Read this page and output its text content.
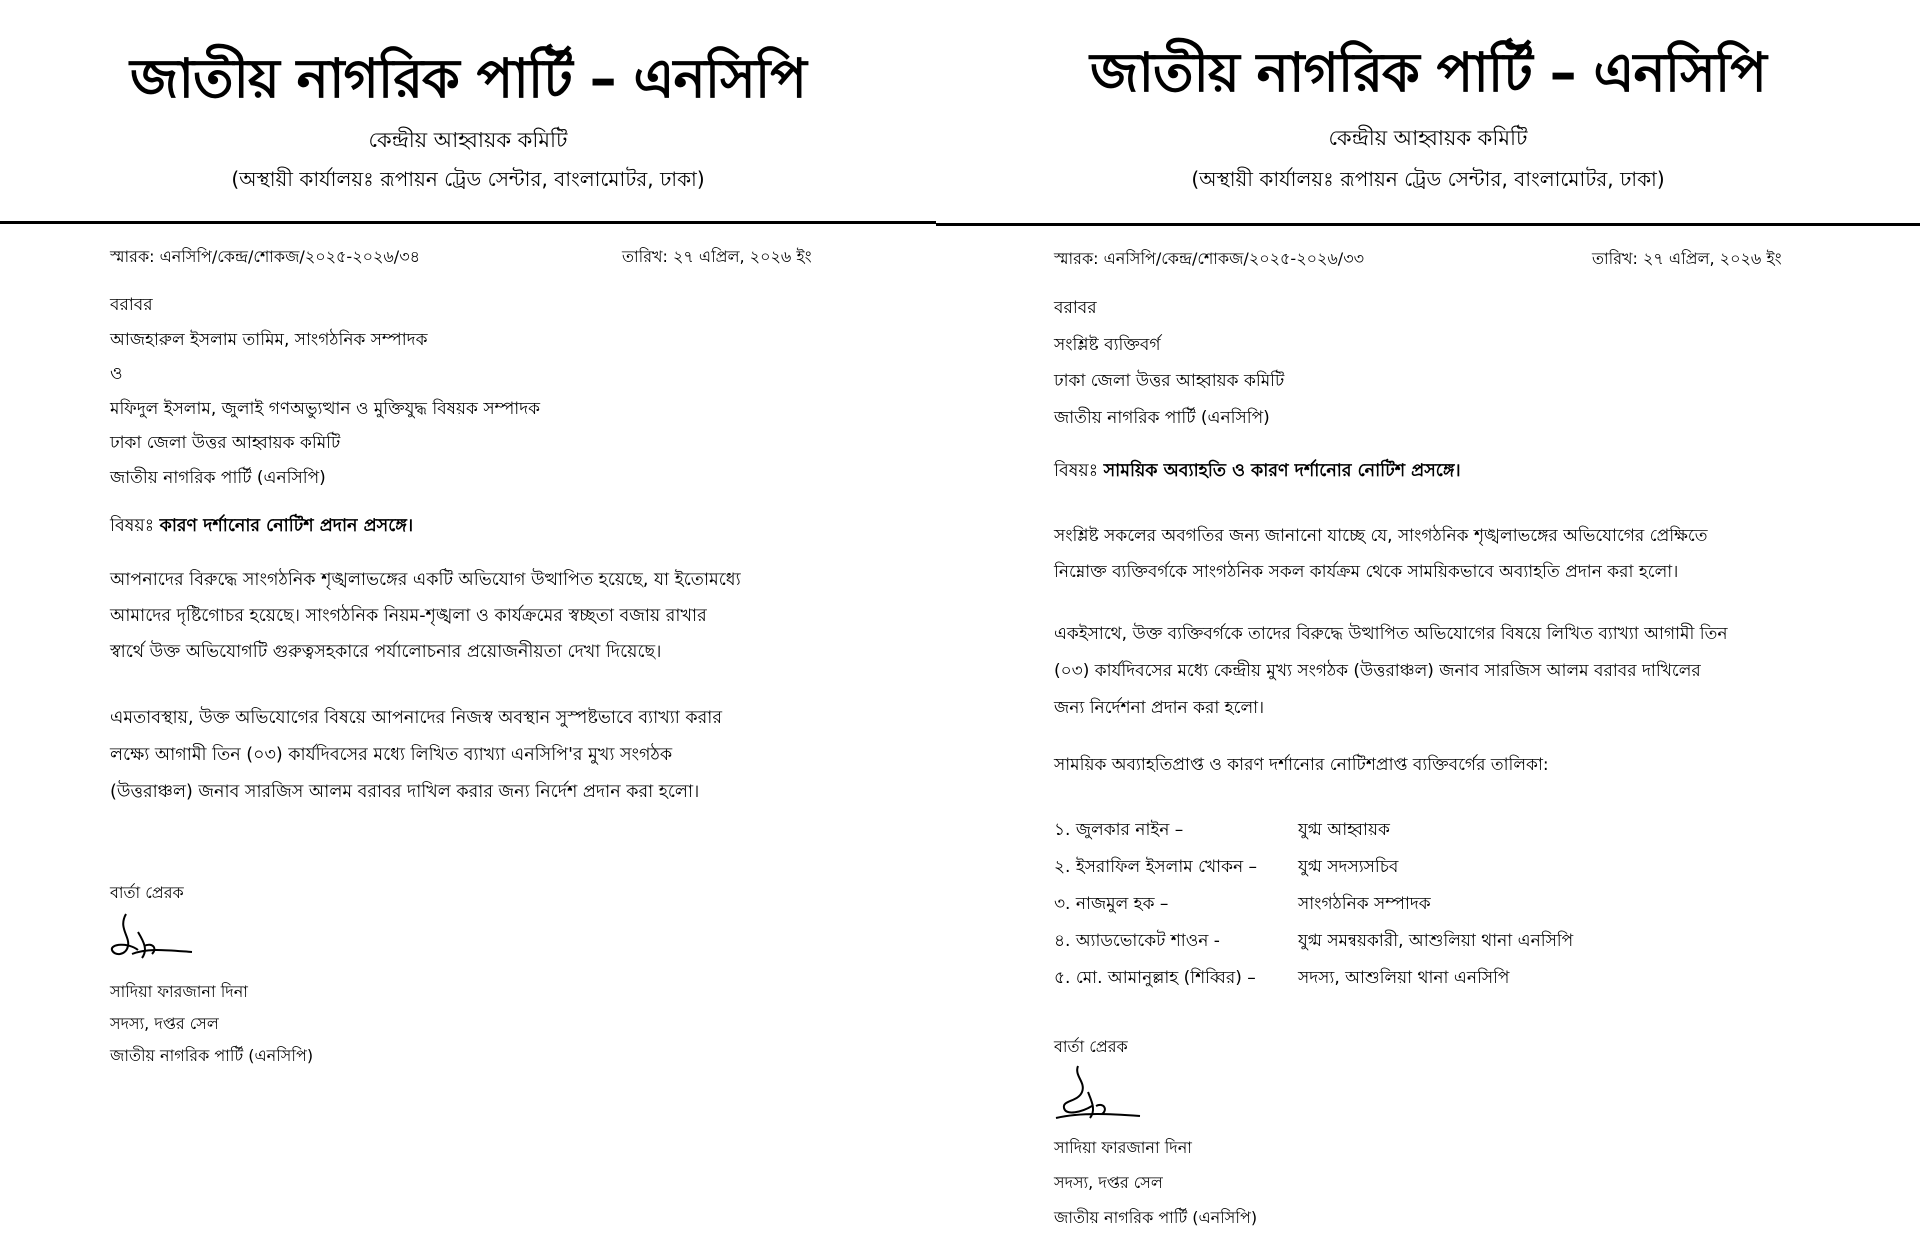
জাতীয় নাগরিক পার্টি – এনসিপি
কেন্দ্রীয় আহ্বায়ক কমিটি
(অস্থায়ী কার্যালয়ঃ রূপায়ন ট্রেড সেন্টার, বাংলামোটর, ঢাকা)
স্মারক: এনসিপি/কেন্দ্র/শোকজ/২০২৫-২০২৬/৩৪	তারিখ: ২৭ এপ্রিল, ২০২৬ ইং
বরাবর
আজহারুল ইসলাম তামিম, সাংগঠনিক সম্পাদক
ও
মফিদুল ইসলাম, জুলাই গণঅভ্যুত্থান ও মুক্তিযুদ্ধ বিষয়ক সম্পাদক
ঢাকা জেলা উত্তর আহ্বায়ক কমিটি
জাতীয় নাগরিক পার্টি (এনসিপি)
বিষয়ঃ কারণ দর্শানোর নোটিশ প্রদান প্রসঙ্গে।
আপনাদের বিরুদ্ধে সাংগঠনিক শৃঙ্খলাভঙ্গের একটি অভিযোগ উত্থাপিত হয়েছে, যা ইতোমধ্যে
আমাদের দৃষ্টিগোচর হয়েছে। সাংগঠনিক নিয়ম-শৃঙ্খলা ও কার্যক্রমের স্বচ্ছতা বজায় রাখার
স্বার্থে উক্ত অভিযোগটি গুরুত্বসহকারে পর্যালোচনার প্রয়োজনীয়তা দেখা দিয়েছে।
এমতাবস্থায়, উক্ত অভিযোগের বিষয়ে আপনাদের নিজস্ব অবস্থান সুস্পষ্টভাবে ব্যাখ্যা করার
লক্ষ্যে আগামী তিন (০৩) কার্যদিবসের মধ্যে লিখিত ব্যাখ্যা এনসিপি'র মুখ্য সংগঠক
(উত্তরাঞ্চল) জনাব সারজিস আলম বরাবর দাখিল করার জন্য নির্দেশ প্রদান করা হলো।
বার্তা প্রেরক
সাদিয়া ফারজানা দিনা
সদস্য, দপ্তর সেল
জাতীয় নাগরিক পার্টি (এনসিপি)
জাতীয় নাগরিক পার্টি – এনসিপি
কেন্দ্রীয় আহ্বায়ক কমিটি
(অস্থায়ী কার্যালয়ঃ রূপায়ন ট্রেড সেন্টার, বাংলামোটর, ঢাকা)
স্মারক: এনসিপি/কেন্দ্র/শোকজ/২০২৫-২০২৬/৩৩	তারিখ: ২৭ এপ্রিল, ২০২৬ ইং
বরাবর
সংশ্লিষ্ট ব্যক্তিবর্গ
ঢাকা জেলা উত্তর আহ্বায়ক কমিটি
জাতীয় নাগরিক পার্টি (এনসিপি)
বিষয়ঃ সাময়িক অব্যাহতি ও কারণ দর্শানোর নোটিশ প্রসঙ্গে।
সংশ্লিষ্ট সকলের অবগতির জন্য জানানো যাচ্ছে যে, সাংগঠনিক শৃঙ্খলাভঙ্গের অভিযোগের প্রেক্ষিতে
নিম্নোক্ত ব্যক্তিবর্গকে সাংগঠনিক সকল কার্যক্রম থেকে সাময়িকভাবে অব্যাহতি প্রদান করা হলো।
একইসাথে, উক্ত ব্যক্তিবর্গকে তাদের বিরুদ্ধে উত্থাপিত অভিযোগের বিষয়ে লিখিত ব্যাখ্যা আগামী তিন
(০৩) কার্যদিবসের মধ্যে কেন্দ্রীয় মুখ্য সংগঠক (উত্তরাঞ্চল) জনাব সারজিস আলম বরাবর দাখিলের
জন্য নির্দেশনা প্রদান করা হলো।
সাময়িক অব্যাহতিপ্রাপ্ত ও কারণ দর্শানোর নোটিশপ্রাপ্ত ব্যক্তিবর্গের তালিকা:
১. জুলকার নাইন –	যুগ্ম আহ্বায়ক
২. ইসরাফিল ইসলাম খোকন –	যুগ্ম সদস্যসচিব
৩. নাজমুল হক –	সাংগঠনিক সম্পাদক
৪. অ্যাডভোকেট শাওন -	যুগ্ম সমন্বয়কারী, আশুলিয়া থানা এনসিপি
৫. মো. আমানুল্লাহ (শিব্বির) –	সদস্য, আশুলিয়া থানা এনসিপি
বার্তা প্রেরক
সাদিয়া ফারজানা দিনা
সদস্য, দপ্তর সেল
জাতীয় নাগরিক পার্টি (এনসিপি)
